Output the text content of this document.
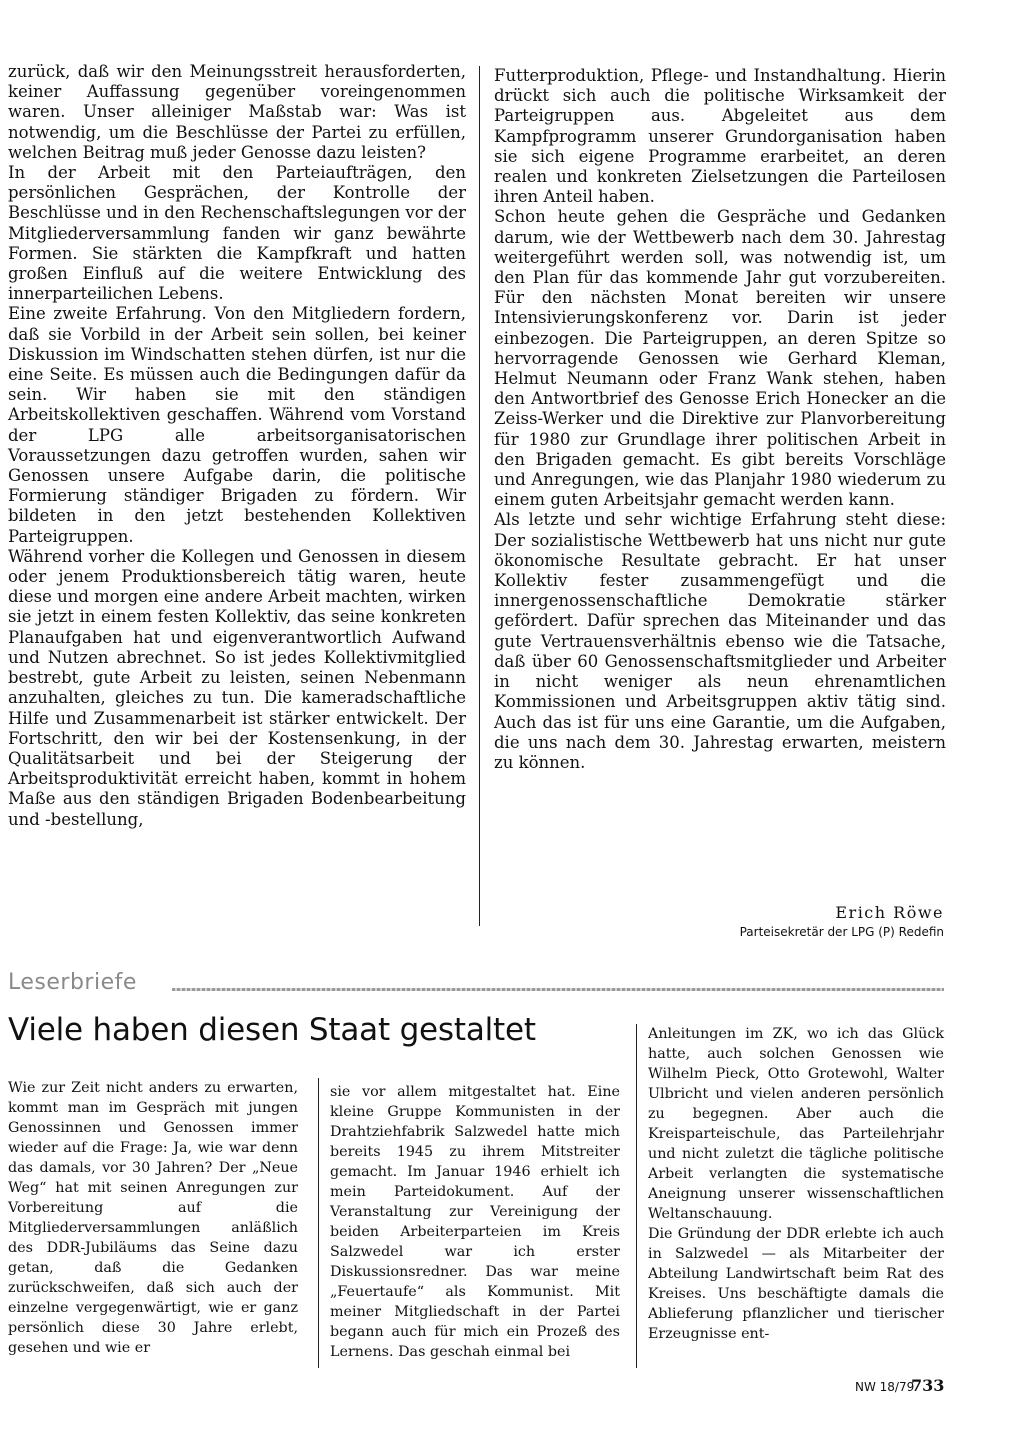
zurück, daß wir den Meinungsstreit herausforderten, keiner Auffassung gegenüber voreingenommen waren. Unser alleiniger Maßstab war: Was ist notwendig, um die Beschlüsse der Partei zu erfüllen, welchen Beitrag muß jeder Genosse dazu leisten?

In der Arbeit mit den Parteiaufträgen, den persönlichen Gesprächen, der Kontrolle der Beschlüsse und in den Rechenschaftslegungen vor der Mitgliederversammlung fanden wir ganz bewährte Formen. Sie stärkten die Kampfkraft und hatten großen Einfluß auf die weitere Entwicklung des innerparteilichen Lebens.

Eine zweite Erfahrung. Von den Mitgliedern fordern, daß sie Vorbild in der Arbeit sein sollen, bei keiner Diskussion im Windschatten stehen dürfen, ist nur die eine Seite. Es müssen auch die Bedingungen dafür da sein. Wir haben sie mit den ständigen Arbeitskollektiven geschaffen. Während vom Vorstand der LPG alle arbeitsorganisatorischen Voraussetzungen dazu getroffen wurden, sahen wir Genossen unsere Aufgabe darin, die politische Formierung ständiger Brigaden zu fördern. Wir bildeten in den jetzt bestehenden Kollektiven Parteigruppen.

Während vorher die Kollegen und Genossen in diesem oder jenem Produktionsbereich tätig waren, heute diese und morgen eine andere Arbeit machten, wirken sie jetzt in einem festen Kollektiv, das seine konkreten Planaufgaben hat und eigenverantwortlich Aufwand und Nutzen abrechnet. So ist jedes Kollektivmitglied bestrebt, gute Arbeit zu leisten, seinen Nebenmann anzuhalten, gleiches zu tun. Die kameradschaftliche Hilfe und Zusammenarbeit ist stärker entwickelt. Der Fortschritt, den wir bei der Kostensenkung, in der Qualitätsarbeit und bei der Steigerung der Arbeitsproduktivität erreicht haben, kommt in hohem Maße aus den ständigen Brigaden Bodenbearbeitung und -bestellung,

Futterproduktion, Pflege- und Instandhaltung. Hierin drückt sich auch die politische Wirksamkeit der Parteigruppen aus. Abgeleitet aus dem Kampfprogramm unserer Grundorganisation haben sie sich eigene Programme erarbeitet, an deren realen und konkreten Zielsetzungen die Parteilosen ihren Anteil haben.

Schon heute gehen die Gespräche und Gedanken darum, wie der Wettbewerb nach dem 30. Jahrestag weitergeführt werden soll, was notwendig ist, um den Plan für das kommende Jahr gut vorzubereiten. Für den nächsten Monat bereiten wir unsere Intensivierungskonferenz vor. Darin ist jeder einbezogen. Die Parteigruppen, an deren Spitze so hervorragende Genossen wie Gerhard Kleman, Helmut Neumann oder Franz Wank stehen, haben den Antwortbrief des Genosse Erich Honecker an die Zeiss-Werker und die Direktive zur Planvorbereitung für 1980 zur Grundlage ihrer politischen Arbeit in den Brigaden gemacht. Es gibt bereits Vorschläge und Anregungen, wie das Planjahr 1980 wiederum zu einem guten Arbeitsjahr gemacht werden kann.

Als letzte und sehr wichtige Erfahrung steht diese: Der sozialistische Wettbewerb hat uns nicht nur gute ökonomische Resultate gebracht. Er hat unser Kollektiv fester zusammengefügt und die innergenossenschaftliche Demokratie stärker gefördert. Dafür sprechen das Miteinander und das gute Vertrauensverhältnis ebenso wie die Tatsache, daß über 60 Genossenschaftsmitglieder und Arbeiter in nicht weniger als neun ehrenamtlichen Kommissionen und Arbeitsgruppen aktiv tätig sind. Auch das ist für uns eine Garantie, um die Aufgaben, die uns nach dem 30. Jahrestag erwarten, meistern zu können.

Erich Röwe
Parteisekretär der LPG (P) Redefin
Leserbriefe
Viele haben diesen Staat gestaltet

Wie zur Zeit nicht anders zu erwarten, kommt man im Gespräch mit jungen Genossinnen und Genossen immer wieder auf die Frage: Ja, wie war denn das damals, vor 30 Jahren? Der „Neue Weg“ hat mit seinen Anregungen zur Vorbereitung auf die Mitgliederversammlungen anläßlich des DDR-Jubiläums das Seine dazu getan, daß die Gedanken zurückschweifen, daß sich auch der einzelne vergegenwärtigt, wie er ganz persönlich diese 30 Jahre erlebt, gesehen und wie er

sie vor allem mitgestaltet hat. Eine kleine Gruppe Kommunisten in der Drahtziehfabrik Salzwedel hatte mich bereits 1945 zu ihrem Mitstreiter gemacht. Im Januar 1946 erhielt ich mein Parteidokument. Auf der Veranstaltung zur Vereinigung der beiden Arbeiterparteien im Kreis Salzwedel war ich erster Diskussionsredner. Das war meine „Feuertaufe“ als Kommunist. Mit meiner Mitgliedschaft in der Partei begann auch für mich ein Prozeß des Lernens. Das geschah einmal bei

Anleitungen im ZK, wo ich das Glück hatte, auch solchen Genossen wie Wilhelm Pieck, Otto Grotewohl, Walter Ulbricht und vielen anderen persönlich zu begegnen. Aber auch die Kreisparteischule, das Parteilehrjahr und nicht zuletzt die tägliche politische Arbeit verlangten die systematische Aneignung unserer wissenschaftlichen Weltanschauung.

Die Gründung der DDR erlebte ich auch in Salzwedel — als Mitarbeiter der Abteilung Landwirtschaft beim Rat des Kreises. Uns beschäftigte damals die Ablieferung pflanzlicher und tierischer Erzeugnisse ent-

NW 18/79
733
